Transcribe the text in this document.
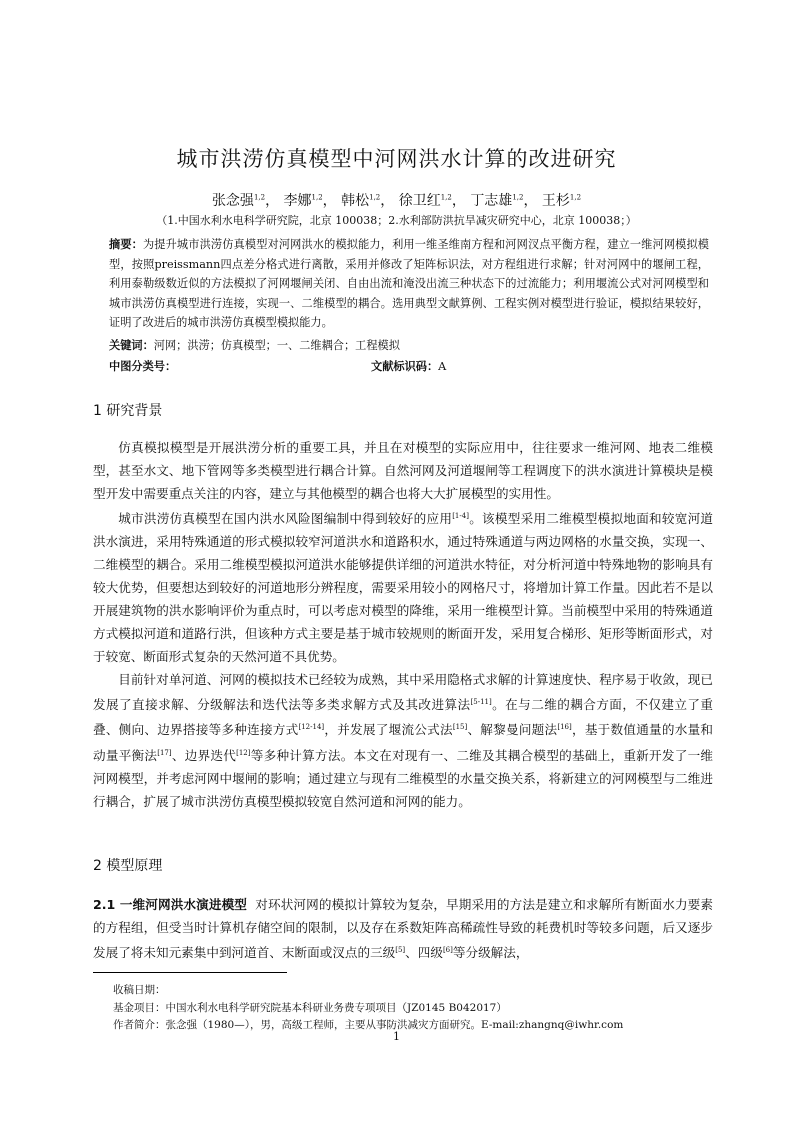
城市洪涝仿真模型中河网洪水计算的改进研究
张念强$^{1,2}$， 李娜$^{1,2}$， 韩松$^{1,2}$， 徐卫红$^{1,2}$， 丁志雄$^{1,2}$， 王杉$^{1,2}$
（1.中国水利水电科学研究院，北京 100038；2.水利部防洪抗旱减灾研究中心，北京 100038；）
摘要：为提升城市洪涝仿真模型对河网洪水的模拟能力，利用一维圣维南方程和河网汊点平衡方程，建立一维河网模拟模型，按照preissmann四点差分格式进行离散，采用并修改了矩阵标识法，对方程组进行求解；针对河网中的堰闸工程，利用泰勒级数近似的方法模拟了河网堰闸关闭、自由出流和淹没出流三种状态下的过流能力；利用堰流公式对河网模型和城市洪涝仿真模型进行连接，实现一、二维模型的耦合。选用典型文献算例、工程实例对模型进行验证，模拟结果较好，证明了改进后的城市洪涝仿真模型模拟能力。
关键词：河网；洪涝；仿真模型；一、二维耦合；工程模拟
中图分类号：	文献标识码：A
1 研究背景

仿真模拟模型是开展洪涝分析的重要工具，并且在对模型的实际应用中，往往要求一维河网、地表二维模型，甚至水文、地下管网等多类模型进行耦合计算。自然河网及河道堰闸等工程调度下的洪水演进计算模块是模型开发中需要重点关注的内容，建立与其他模型的耦合也将大大扩展模型的实用性。

城市洪涝仿真模型在国内洪水风险图编制中得到较好的应用[1-4]。该模型采用二维模型模拟地面和较宽河道洪水演进，采用特殊通道的形式模拟较窄河道洪水和道路积水，通过特殊通道与两边网格的水量交换，实现一、二维模型的耦合。采用二维模型模拟河道洪水能够提供详细的河道洪水特征，对分析河道中特殊地物的影响具有较大优势，但要想达到较好的河道地形分辨程度，需要采用较小的网格尺寸，将增加计算工作量。因此若不是以开展建筑物的洪水影响评价为重点时，可以考虑对模型的降维，采用一维模型计算。当前模型中采用的特殊通道方式模拟河道和道路行洪，但该种方式主要是基于城市较规则的断面开发，采用复合梯形、矩形等断面形式，对于较宽、断面形式复杂的天然河道不具优势。

目前针对单河道、河网的模拟技术已经较为成熟，其中采用隐格式求解的计算速度快、程序易于收敛，现已发展了直接求解、分级解法和迭代法等多类求解方式及其改进算法[5-11]。在与二维的耦合方面，不仅建立了重叠、侧向、边界搭接等多种连接方式[12-14]，并发展了堰流公式法[15]、解黎曼问题法[16]，基于数值通量的水量和动量平衡法[17]、边界迭代[12]等多种计算方法。本文在对现有一、二维及其耦合模型的基础上，重新开发了一维河网模型，并考虑河网中堰闸的影响；通过建立与现有二维模型的水量交换关系，将新建立的河网模型与二维进行耦合，扩展了城市洪涝仿真模型模拟较宽自然河道和河网的能力。

2 模型原理

2.1 一维河网洪水演进模型 对环状河网的模拟计算较为复杂，早期采用的方法是建立和求解所有断面水力要素的方程组，但受当时计算机存储空间的限制，以及存在系数矩阵高稀疏性导致的耗费机时等较多问题，后又逐步发展了将未知元素集中到河道首、末断面或汊点的三级[5]、四级[6]等分级解法，

收稿日期：
基金项目：中国水利水电科学研究院基本科研业务费专项项目（JZ0145 B042017）
作者简介：张念强（1980—），男，高级工程师，主要从事防洪减灾方面研究。E-mail:zhangnq@iwhr.com
1
